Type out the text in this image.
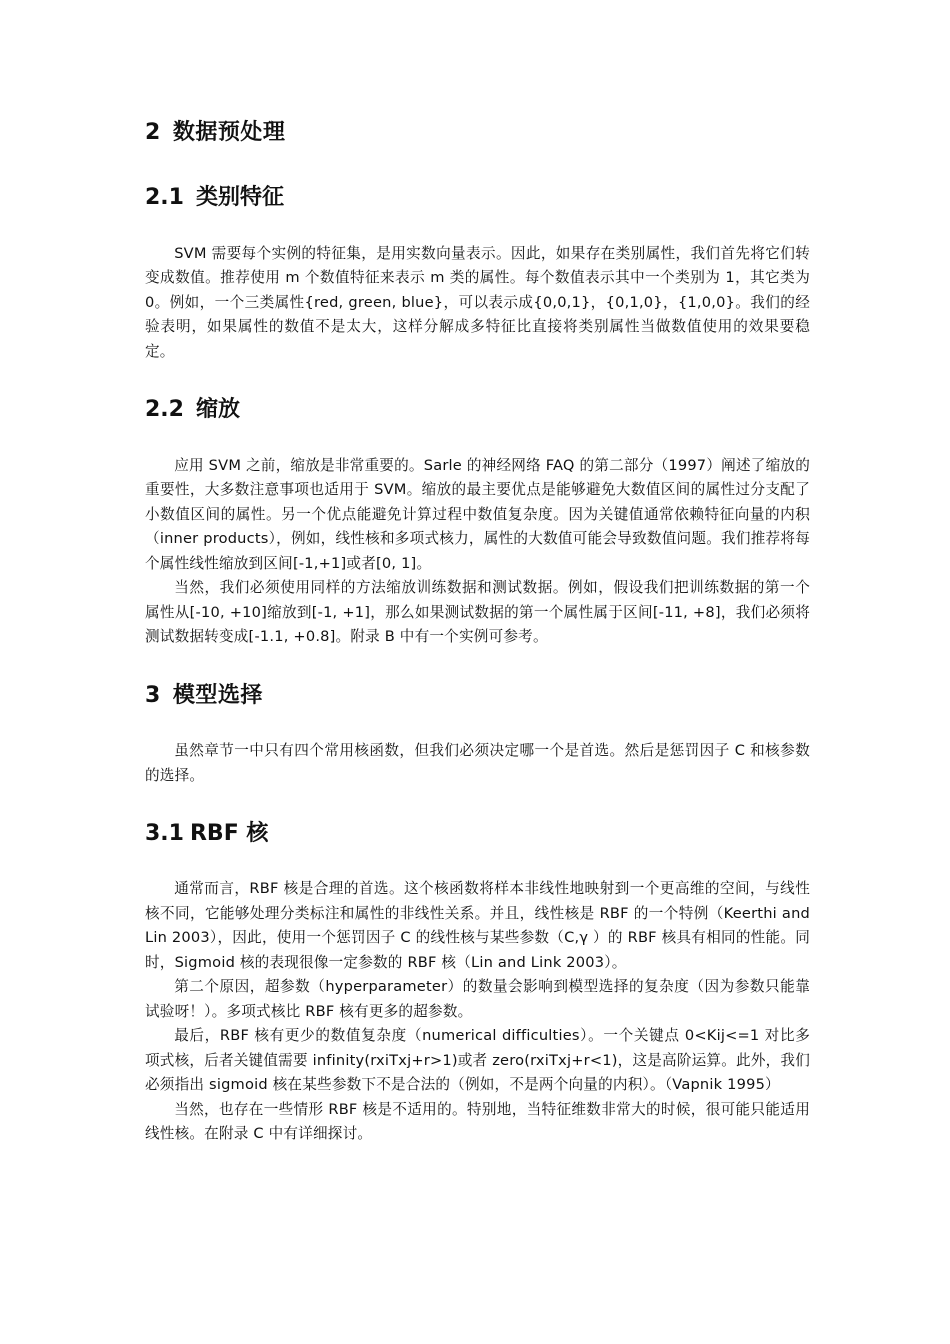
2 数据预处理
2.1 类别特征

SVM 需要每个实例的特征集，是用实数向量表示。因此，如果存在类别属性，我们首先将它们转变成数值。推荐使用 m 个数值特征来表示 m 类的属性。每个数值表示其中一个类别为 1，其它类为 0。例如，一个三类属性{red, green, blue}，可以表示成{0,0,1}，{0,1,0}，{1,0,0}。我们的经验表明，如果属性的数值不是太大，这样分解成多特征比直接将类别属性当做数值使用的效果要稳定。

2.2 缩放

应用 SVM 之前，缩放是非常重要的。Sarle 的神经网络 FAQ 的第二部分（1997）阐述了缩放的重要性，大多数注意事项也适用于 SVM。缩放的最主要优点是能够避免大数值区间的属性过分支配了小数值区间的属性。另一个优点能避免计算过程中数值复杂度。因为关键值通常依赖特征向量的内积（inner products），例如，线性核和多项式核力，属性的大数值可能会导致数值问题。我们推荐将每个属性线性缩放到区间[-1,+1]或者[0, 1]。

当然，我们必须使用同样的方法缩放训练数据和测试数据。例如，假设我们把训练数据的第一个属性从[-10, +10]缩放到[-1, +1]，那么如果测试数据的第一个属性属于区间[-11, +8]，我们必须将测试数据转变成[-1.1, +0.8]。附录 B 中有一个实例可参考。

3 模型选择

虽然章节一中只有四个常用核函数，但我们必须决定哪一个是首选。然后是惩罚因子 C 和核参数的选择。

3.1 RBF 核

通常而言，RBF 核是合理的首选。这个核函数将样本非线性地映射到一个更高维的空间，与线性核不同，它能够处理分类标注和属性的非线性关系。并且，线性核是 RBF 的一个特例（Keerthi and Lin 2003），因此，使用一个惩罚因子 C 的线性核与某些参数（C,γ ）的 RBF 核具有相同的性能。同时，Sigmoid 核的表现很像一定参数的 RBF 核（Lin and Link 2003）。

第二个原因，超参数（hyperparameter）的数量会影响到模型选择的复杂度（因为参数只能靠试验呀！）。多项式核比 RBF 核有更多的超参数。

最后，RBF 核有更少的数值复杂度（numerical difficulties）。一个关键点 0<Kij<=1 对比多项式核，后者关键值需要 infinity(rxiTxj+r>1)或者 zero(rxiTxj+r<1)，这是高阶运算。此外，我们必须指出 sigmoid 核在某些参数下不是合法的（例如，不是两个向量的内积）。（Vapnik 1995）

当然，也存在一些情形 RBF 核是不适用的。特别地，当特征维数非常大的时候，很可能只能适用线性核。在附录 C 中有详细探讨。
